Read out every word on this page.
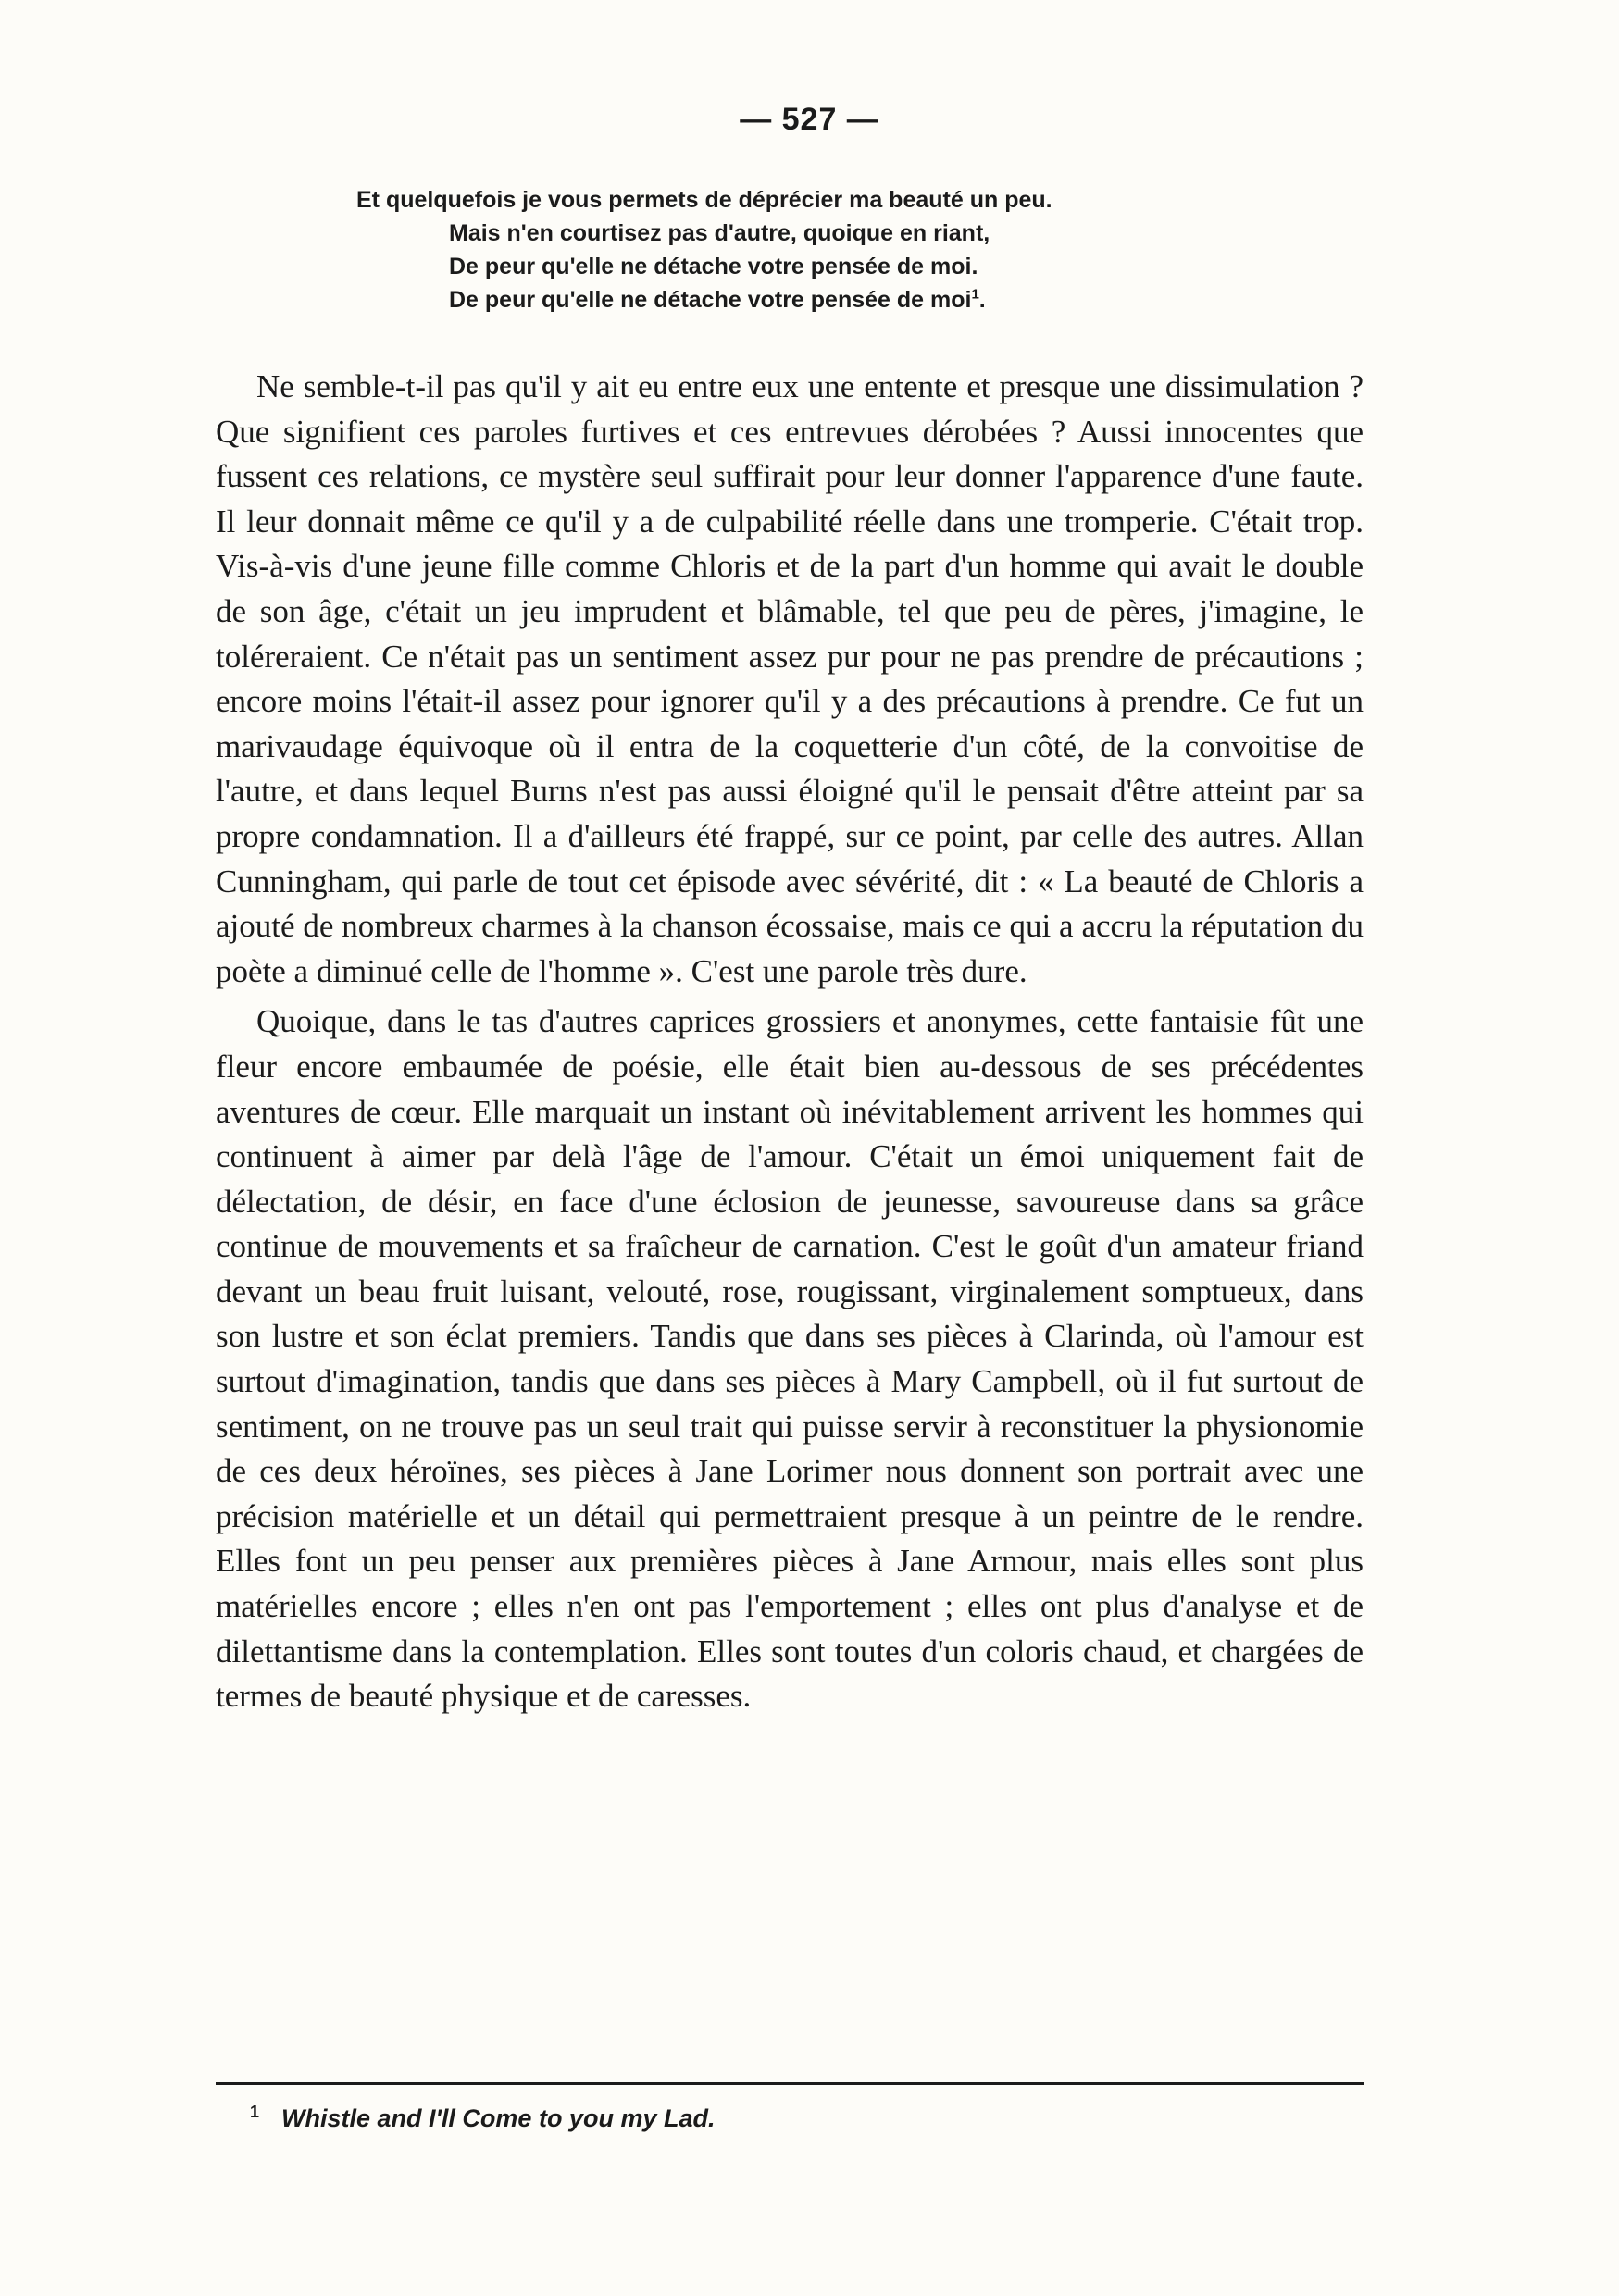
— 527 —
Et quelquefois je vous permets de déprécier ma beauté un peu.
Mais n'en courtisez pas d'autre, quoique en riant,
De peur qu'elle ne détache votre pensée de moi.
De peur qu'elle ne détache votre pensée de moi$^1$.

Ne semble-t-il pas qu'il y ait eu entre eux une entente et presque une dissimulation ? Que signifient ces paroles furtives et ces entrevues dérobées ? Aussi innocentes que fussent ces relations, ce mystère seul suffirait pour leur donner l'apparence d'une faute. Il leur donnait même ce qu'il y a de culpabilité réelle dans une tromperie. C'était trop. Vis-à-vis d'une jeune fille comme Chloris et de la part d'un homme qui avait le double de son âge, c'était un jeu imprudent et blâmable, tel que peu de pères, j'imagine, le toléreraient. Ce n'était pas un sentiment assez pur pour ne pas prendre de précautions ; encore moins l'était-il assez pour ignorer qu'il y a des précautions à prendre. Ce fut un marivaudage équivoque où il entra de la coquetterie d'un côté, de la convoitise de l'autre, et dans lequel Burns n'est pas aussi éloigné qu'il le pensait d'être atteint par sa propre condamnation. Il a d'ailleurs été frappé, sur ce point, par celle des autres. Allan Cunningham, qui parle de tout cet épisode avec sévérité, dit : « La beauté de Chloris a ajouté de nombreux charmes à la chanson écossaise, mais ce qui a accru la réputation du poète a diminué celle de l'homme ». C'est une parole très dure.

Quoique, dans le tas d'autres caprices grossiers et anonymes, cette fantaisie fût une fleur encore embaumée de poésie, elle était bien au-dessous de ses précédentes aventures de cœur. Elle marquait un instant où inévitablement arrivent les hommes qui continuent à aimer par delà l'âge de l'amour. C'était un émoi uniquement fait de délectation, de désir, en face d'une éclosion de jeunesse, savoureuse dans sa grâce continue de mouvements et sa fraîcheur de carnation. C'est le goût d'un amateur friand devant un beau fruit luisant, velouté, rose, rougissant, virginalement somptueux, dans son lustre et son éclat premiers. Tandis que dans ses pièces à Clarinda, où l'amour est surtout d'imagination, tandis que dans ses pièces à Mary Campbell, où il fut surtout de sentiment, on ne trouve pas un seul trait qui puisse servir à reconstituer la physionomie de ces deux héroïnes, ses pièces à Jane Lorimer nous donnent son portrait avec une précision matérielle et un détail qui permettraient presque à un peintre de le rendre. Elles font un peu penser aux premières pièces à Jane Armour, mais elles sont plus matérielles encore ; elles n'en ont pas l'emportement ; elles ont plus d'analyse et de dilettantisme dans la contemplation. Elles sont toutes d'un coloris chaud, et chargées de termes de beauté physique et de caresses.

1 Whistle and I'll Come to you my Lad.
